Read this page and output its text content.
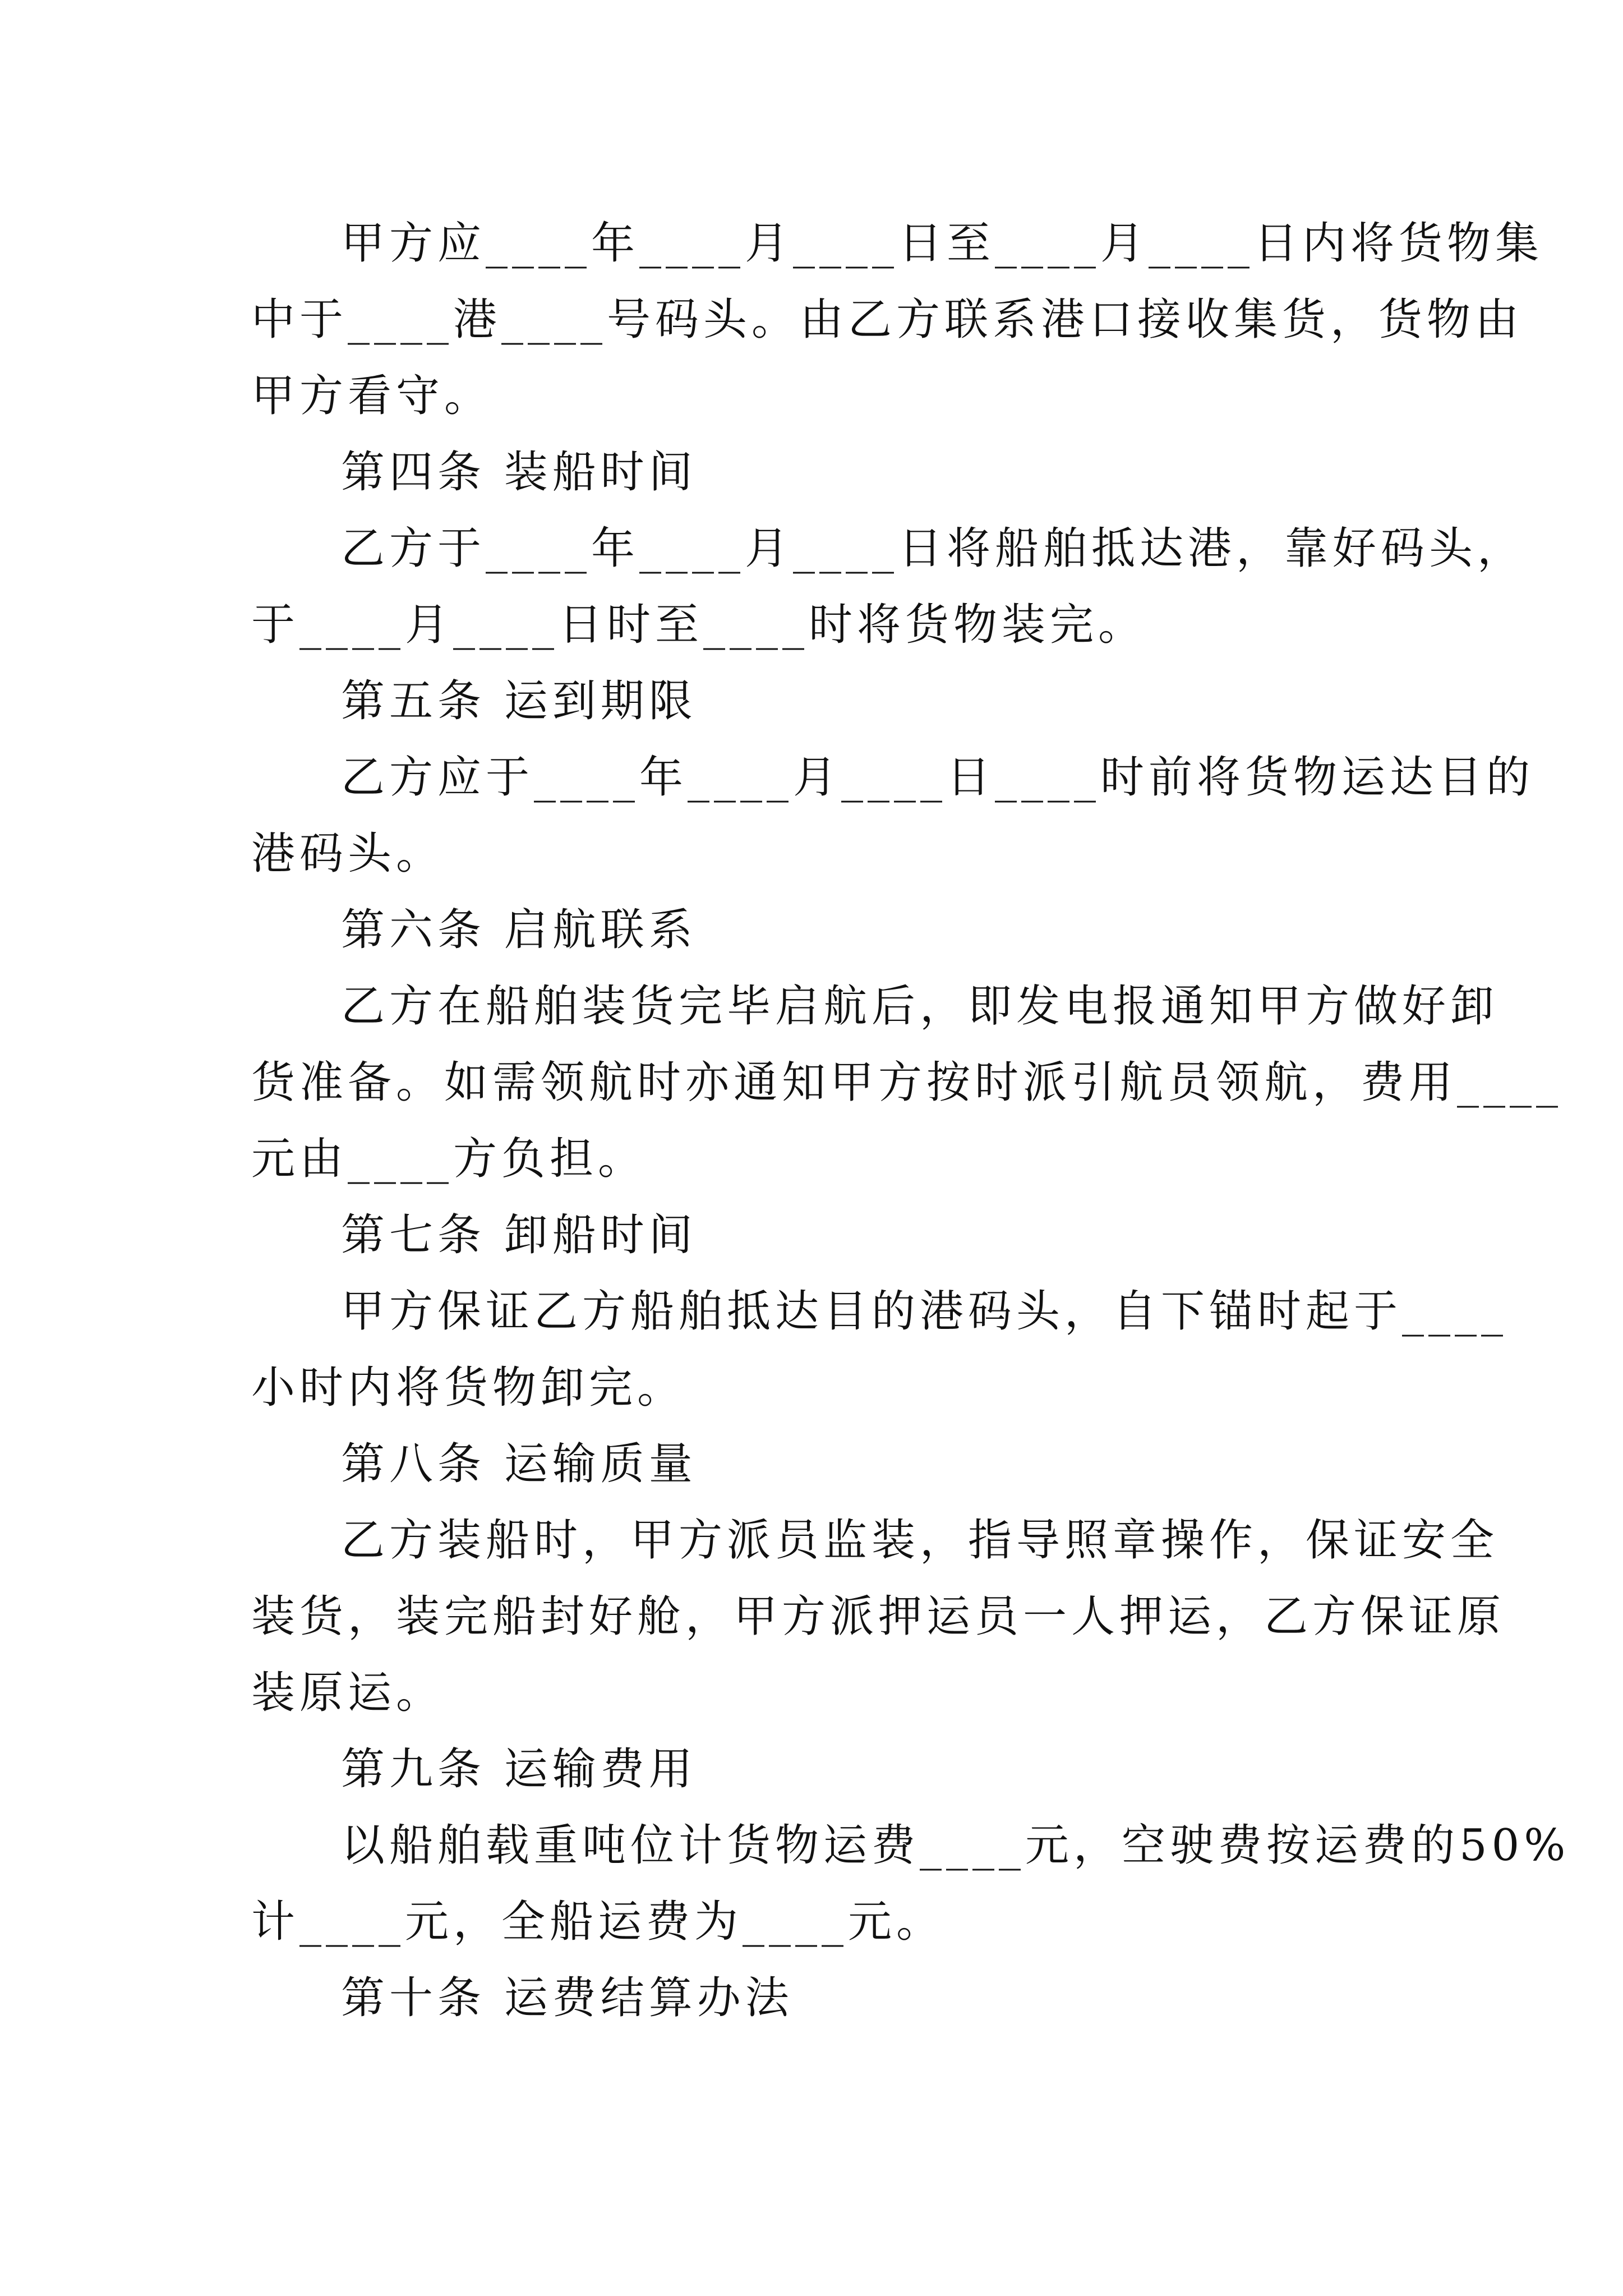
甲方应____年____月____日至____月____日内将货物集
中于____港____号码头。由乙方联系港口接收集货，货物由
甲方看守。
第四条 装船时间
乙方于____年____月____日将船舶抵达港，靠好码头，
于____月____日时至____时将货物装完。
第五条 运到期限
乙方应于____年____月____日____时前将货物运达目的
港码头。
第六条 启航联系
乙方在船舶装货完毕启航后，即发电报通知甲方做好卸
货准备。如需领航时亦通知甲方按时派引航员领航，费用____
元由____方负担。
第七条 卸船时间
甲方保证乙方船舶抵达目的港码头，自下锚时起于____
小时内将货物卸完。
第八条 运输质量
乙方装船时，甲方派员监装，指导照章操作，保证安全
装货，装完船封好舱，甲方派押运员一人押运，乙方保证原
装原运。
第九条 运输费用
以船舶载重吨位计货物运费____元，空驶费按运费的50%
计____元，全船运费为____元。
第十条 运费结算办法
